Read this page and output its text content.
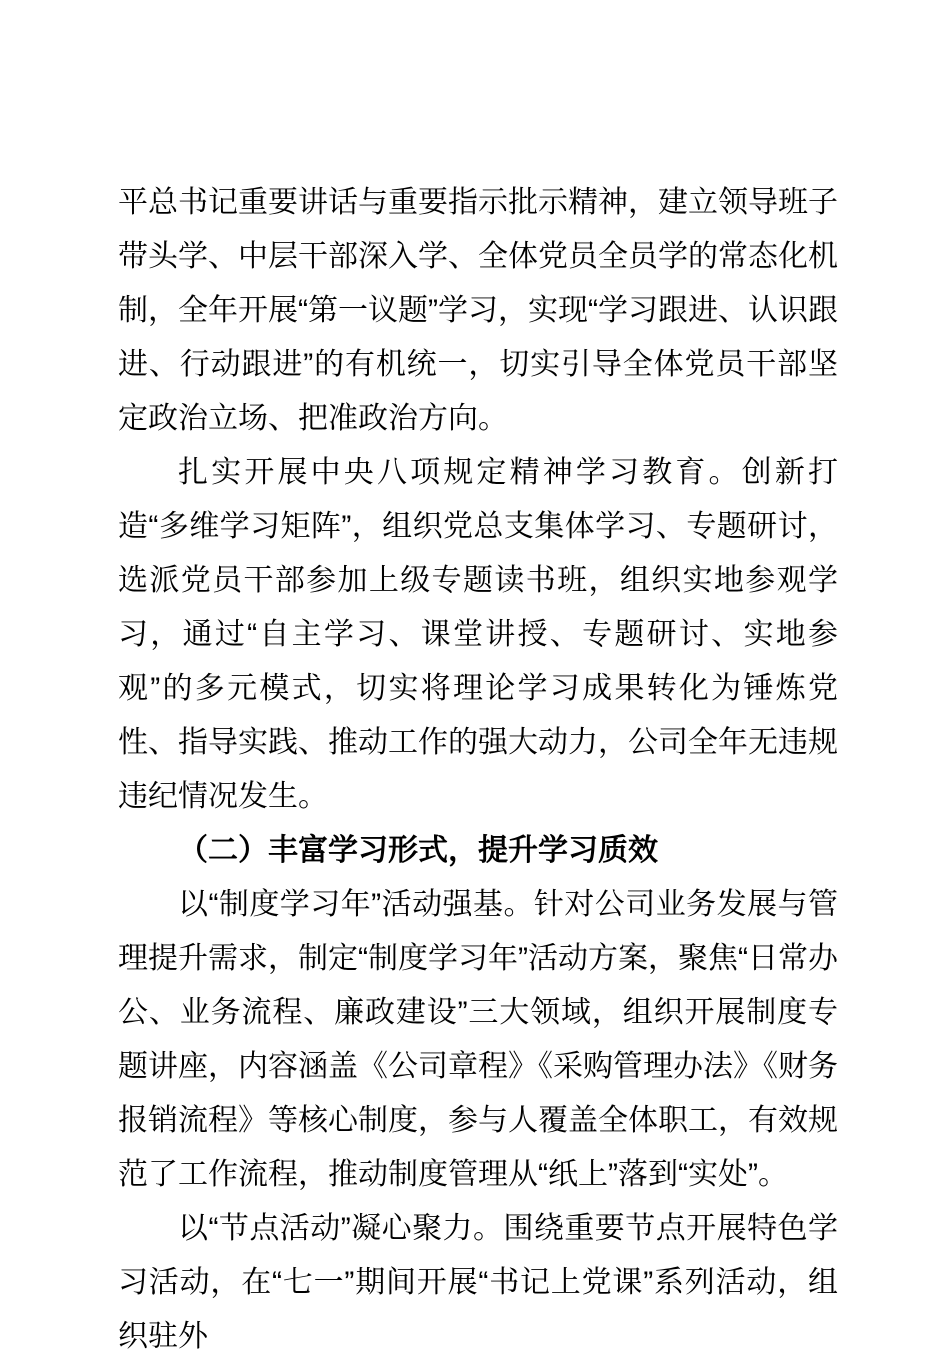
平总书记重要讲话与重要指示批示精神，建立领导班子带头学、中层干部深入学、全体党员全员学的常态化机制，全年开展“第一议题”学习，实现“学习跟进、认识跟进、行动跟进”的有机统一，切实引导全体党员干部坚定政治立场、把准政治方向。

扎实开展中央八项规定精神学习教育。创新打造“多维学习矩阵”，组织党总支集体学习、专题研讨，选派党员干部参加上级专题读书班，组织实地参观学习，通过“自主学习、课堂讲授、专题研讨、实地参观”的多元模式，切实将理论学习成果转化为锤炼党性、指导实践、推动工作的强大动力，公司全年无违规违纪情况发生。

（二）丰富学习形式，提升学习质效

以“制度学习年”活动强基。针对公司业务发展与管理提升需求，制定“制度学习年”活动方案，聚焦“日常办公、业务流程、廉政建设”三大领域，组织开展制度专题讲座，内容涵盖《公司章程》《采购管理办法》《财务报销流程》等核心制度，参与人覆盖全体职工，有效规范了工作流程，推动制度管理从“纸上”落到“实处”。

以“节点活动”凝心聚力。围绕重要节点开展特色学习活动，在“七一”期间开展“书记上党课”系列活动，组织驻外
